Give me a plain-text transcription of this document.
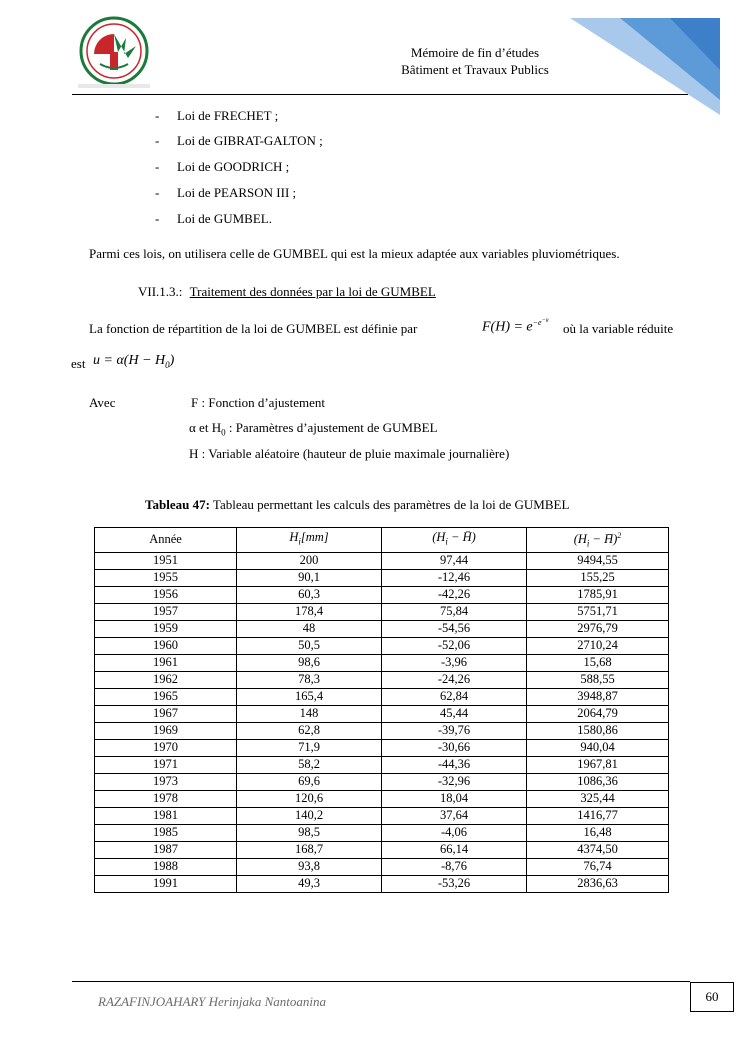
Mémoire de fin d’études
Bâtiment et Travaux Publics
- Loi de FRECHET ;
- Loi de GIBRAT-GALTON ;
- Loi de GOODRICH ;
- Loi de PEARSON III ;
- Loi de GUMBEL.
Parmi ces lois, on utilisera celle de GUMBEL qui est la mieux adaptée aux variables pluviométriques.
VII.1.3.: Traitement des données par la loi de GUMBEL
La fonction de répartition de la loi de GUMBEL est définie par	$F(H) = e^{-e^{-u}}$
où la variable réduite
est $u = \alpha(H - H_0)$
Avec	F : Fonction d’ajustement
α et $H_0$ : Paramètres d’ajustement de GUMBEL
H : Variable aléatoire (hauteur de pluie maximale journalière)
Tableau 47: Tableau permettant les calculs des paramètres de la loi de GUMBEL
Année	$H_i[mm]$	($H_i$ − H̄)	($H_i$ − H̄)$^2$
1951	200	97,44	9494,55
1955	90,1	-12,46	155,25
1956	60,3	-42,26	1785,91
1957	178,4	75,84	5751,71
1959	48	-54,56	2976,79
1960	50,5	-52,06	2710,24
1961	98,6	-3,96	15,68
1962	78,3	-24,26	588,55
1965	165,4	62,84	3948,87
1967	148	45,44	2064,79
1969	62,8	-39,76	1580,86
1970	71,9	-30,66	940,04
1971	58,2	-44,36	1967,81
1973	69,6	-32,96	1086,36
1978	120,6	18,04	325,44
1981	140,2	37,64	1416,77
1985	98,5	-4,06	16,48
1987	168,7	66,14	4374,50
1988	93,8	-8,76	76,74
1991	49,3	-53,26	2836,63
RAZAFINJOAHARY Herinjaka Nantoanina	60
